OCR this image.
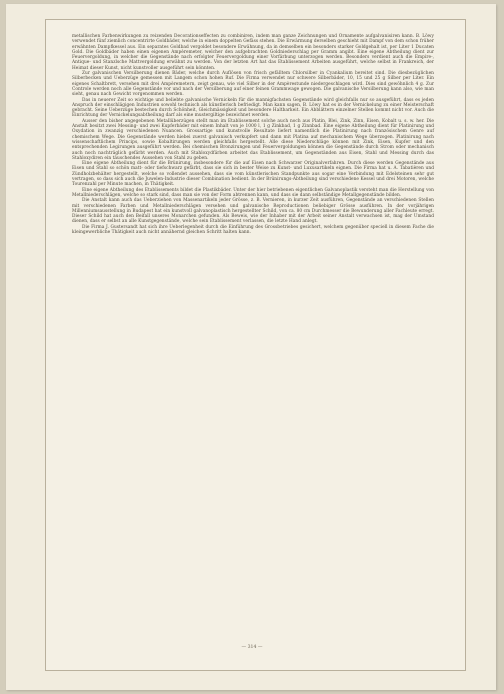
metallischen Farbenwirkungen zu reizenden Decorationseffecten zu combiniren, indem man ganze Zeichnungen und Ornamente aufgalvanisiren kann. B. Löwy verwendet fünf ziemlich concentrirte Goldbäder, welche in einem doppelten Gefäss stehen. Die Erwärmung derselben geschieht mit Dampf von dem schon früher erwähnten Dampfkessel aus. Ein separates Goldbad vergoldet besondere Erwähnung, da in demselben ein besonders starker Goldgehalt ist, per Liter 1 Ducaten Gold. Die Goldbäder haben einen eigenen Ampèremeter, welcher den aufgebrachten Goldniederschlag per Gramm angibt. Eine eigene Abtheilung dient zur Feuervergoldung, in welcher die Gegenstände nach erfolgter Feuervergoldung einer Vorfärbung unterzogen werden. Besonders verdient auch die Empire-, Antique- und Stanzlsche Mattvergoldung erwähnt zu werden. Von der letzten Art hat das Etablissement Arbeiten ausgeführt, welche selbst in Frankreich, der Heimat dieser Kunst, nicht kunstvoller ausgeführt sein könnten.

Zur galvanischen Versilberung dienen Bäder, welche durch Auflösen von frisch gefälltem Chlorsilber in Cyankalium bereitet sind. Die diesbezüglichen Silberbecken und Ueberzüge gemessen mit Langem schon hohen Ruf. Die Firma verwendet nur schwere Silberbäder, 10, 15 und 25 g Silber per Liter. Ein eigenes Schaltbrett, versehen mit drei Ampèremetern, zeigt genau, wie viel Silber in der Ampèrestunde niedergeschlagen wird. Dies sind gewöhnlich 4 g. Zur Controle werden noch alle Gegenstände vor und nach der Versilberung auf einer feinen Grammwage gewogen. Die galvanische Versilberung kann also, wie man sieht, genau nach Gewicht vorgenommen werden.

Das in neuerer Zeit so wichtige und beliebte galvanische Vernickeln für die mannigfachsten Gegenstände wird gleichfalls nur so ausgeführt, dass es jeden Anspruch der einschlägigen Industrien sowohl technisch als künstlerisch befriedigt. Man kann sagen, B. Löwy hat es in der Vernickelung zu einer Meisterschaft gebracht. Seine Ueberzüge bestechen durch Schönheit, Gleichmässigkeit und besondere Haltbarkeit. Ein Abblättern einzelner Stellen kommt nicht vor. Auch die Einrichtung der Vernickelungsabtheilung darf als eine mustergiltige bezeichnet werden.

Ausser den bisher angegebenen Metallüberzügen stellt man im Etablissement solche auch noch aus Platin, Blei, Zink, Zinn, Eisen, Kobalt u. s. w. her. Die Anstalt besitzt zwei Messing- und zwei Kupferbäder mit einem Inhalt von je 1000 l, 1 g Zinkbad, 1 g Zinnbad. Eine eigene Abtheilung dient für Platinirung und Oxydation in zwanzig verschiedenen Nuancen. Grossartige und kunstvolle Resultate liefert namentlich die Platinirung nach französischem Genre auf chemischem Wege. Die Gegenstände werden hiebei zuerst galvanisch verkupfert und dann mit Platina auf mechanischem Wege überzogen. Platinirung nach wissenschaftlichem Princips, sowie Kobaltirungen werden gleichfalls hergestellt. Alle diese Niederschläge können mit Zink, Eisen, Kupfer und den entsprechenden Legirungen ausgeführt werden. Bei chemischen Bronzirungen und Feuervergoldungen können die Gegenstände durch Strom oder mechanisch auch noch nachträglich gefärbt werden. Auch mit Stahloxydfärben arbeitet das Etablissement, um Gegenständen aus Eisen, Stahl und Messing durch das Stahloxydiren ein täuschendes Aussehen von Stahl zu geben.

Eine eigene Abtheilung dient für die Brünirung, insbesondere für die auf Eisen nach Schwarzer Originalverfahren. Durch diese werden Gegenstände aus Eisen und Stahl so schön matt- oder tiefschwarz gefärbt, dass sie sich in bester Weise zu Kunst- und Luxusartikeln eignen. Die Firma hat u. A. Tabatièren und Zündholzbehälter hergestellt, welche so vollendet aussehen, dass sie vom künstlerischen Standpunkte aus sogar eine Verbindung mit Edelsteinen sehr gut vertragen, so dass sich auch die Juwelen-Industrie dieser Combination bedient. In der Brünirungs-Abtheilung sind verschiedene Kessel und drei Motoren, welche Tourenzahl per Minute machen, in Thätigkeit.

Eine eigene Abtheilung des Etablissements bildet die Plastikbäder. Unter der hier betriebenen eigentlichen Galvanoplastik versteht man die Herstellung von Metallniederschlägen, welche so stark sind, dass man sie von der Form abtrennen kann, und dass sie dann selbständige Metallgegenstände bilden.

Die Anstalt kann auch das Ueberziehen von Massenartikeln jeder Grösse, z. B. Vernieren, in kurzer Zeit ausführen, Gegenstände an verschiedenen Stellen mit verschiedenen Farben und Metallniederschlägen versehen und galvanische Reproductionen beliebiger Grösse ausführen. In der vorjährigen Millenniumsausstellung in Budapest hat ein kunstvoll galvanoplastisch hergestellter Schild, von ca. 80 cm Durchmesser die Bewunderung aller Fachleute erregt. Dieser Schild hat auch den Beifall unseres Monarchen gefunden. Als Beweis, wie der Inhaber mit der Arbeit seiner Anstalt verwachsen ist, mag der Umstand dienen, dass er selbst an alle Kunstgegenstände, welche sein Etablissement verlassen, die letzte Hand anlegt.

Die Firma J. Gustersandt hat sich ihre Ueberlegenheit durch die Einführung des Grossbetriebes gesichert, welchem gegenüber speciell in diesem Fache die kleingewerbliche Thätigkeit auch nicht annähernd gleichen Schritt halten kann.

— 314 —
